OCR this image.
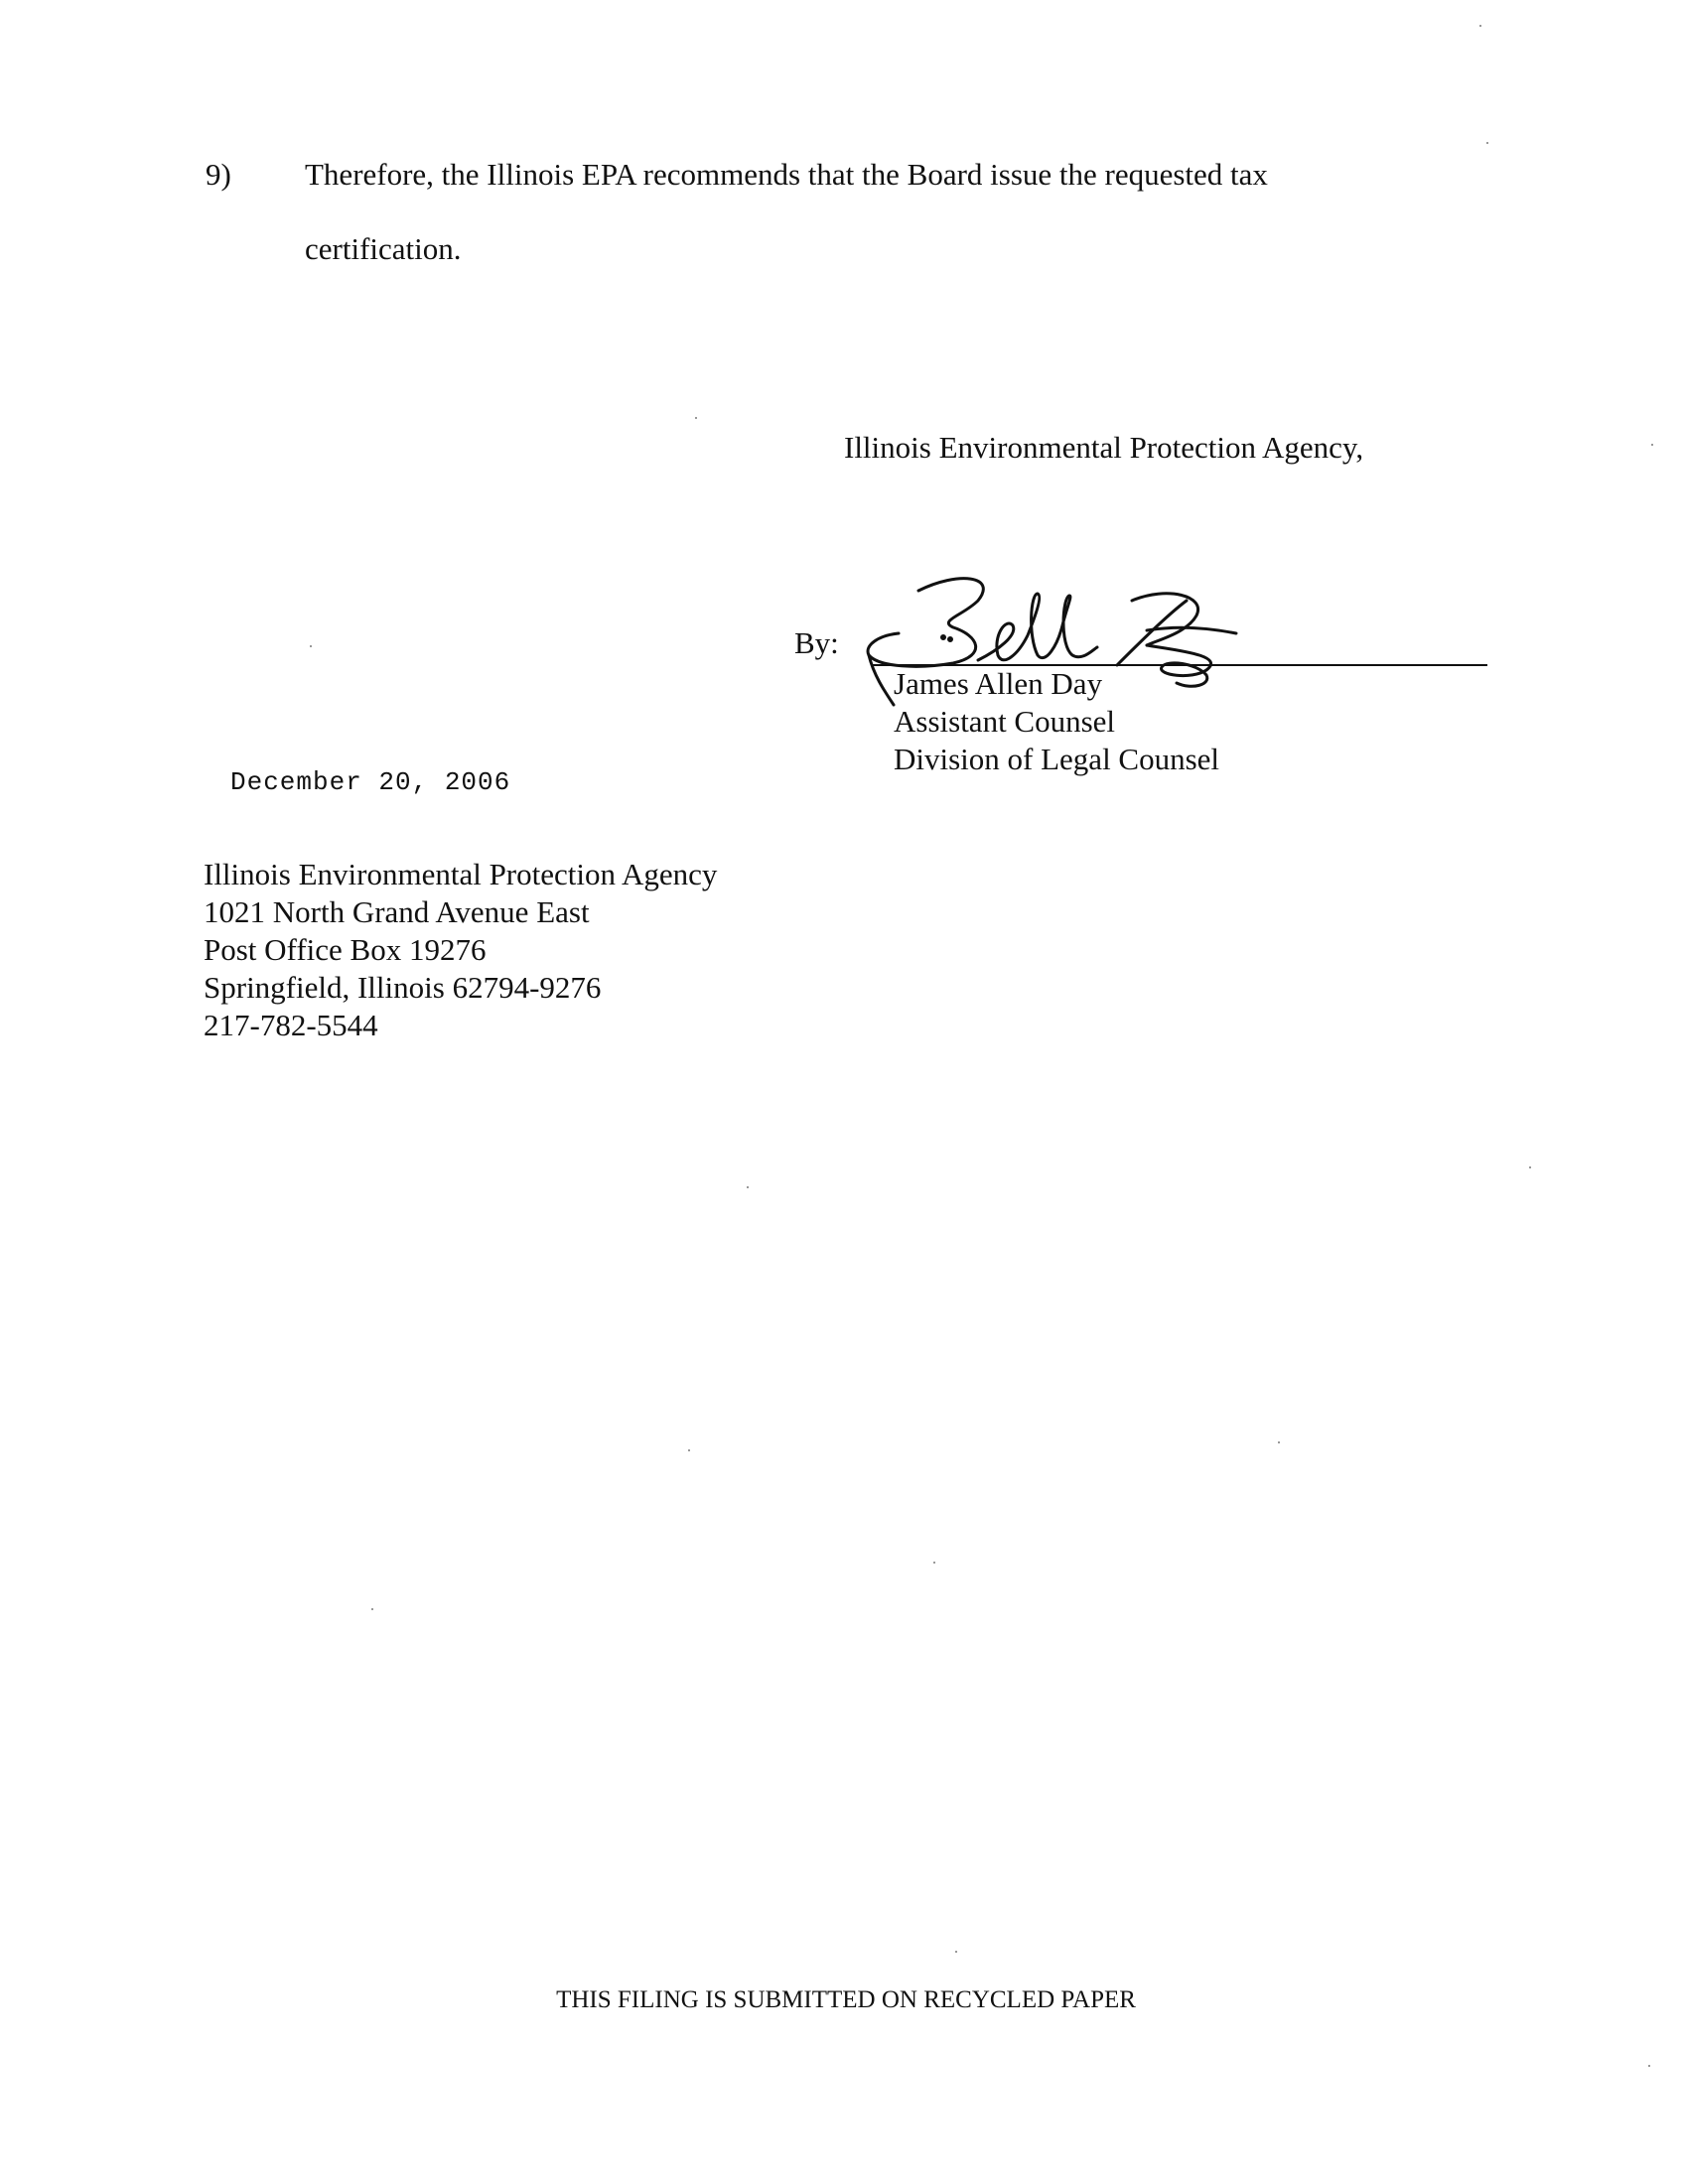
9) Therefore, the Illinois EPA recommends that the Board issue the requested tax
certification.
Illinois Environmental Protection Agency,
By:
James Allen Day
Assistant Counsel
Division of Legal Counsel
December 20, 2006
Illinois Environmental Protection Agency
1021 North Grand Avenue East
Post Office Box 19276
Springfield, Illinois 62794-9276
217-782-5544
THIS FILING IS SUBMITTED ON RECYCLED PAPER
